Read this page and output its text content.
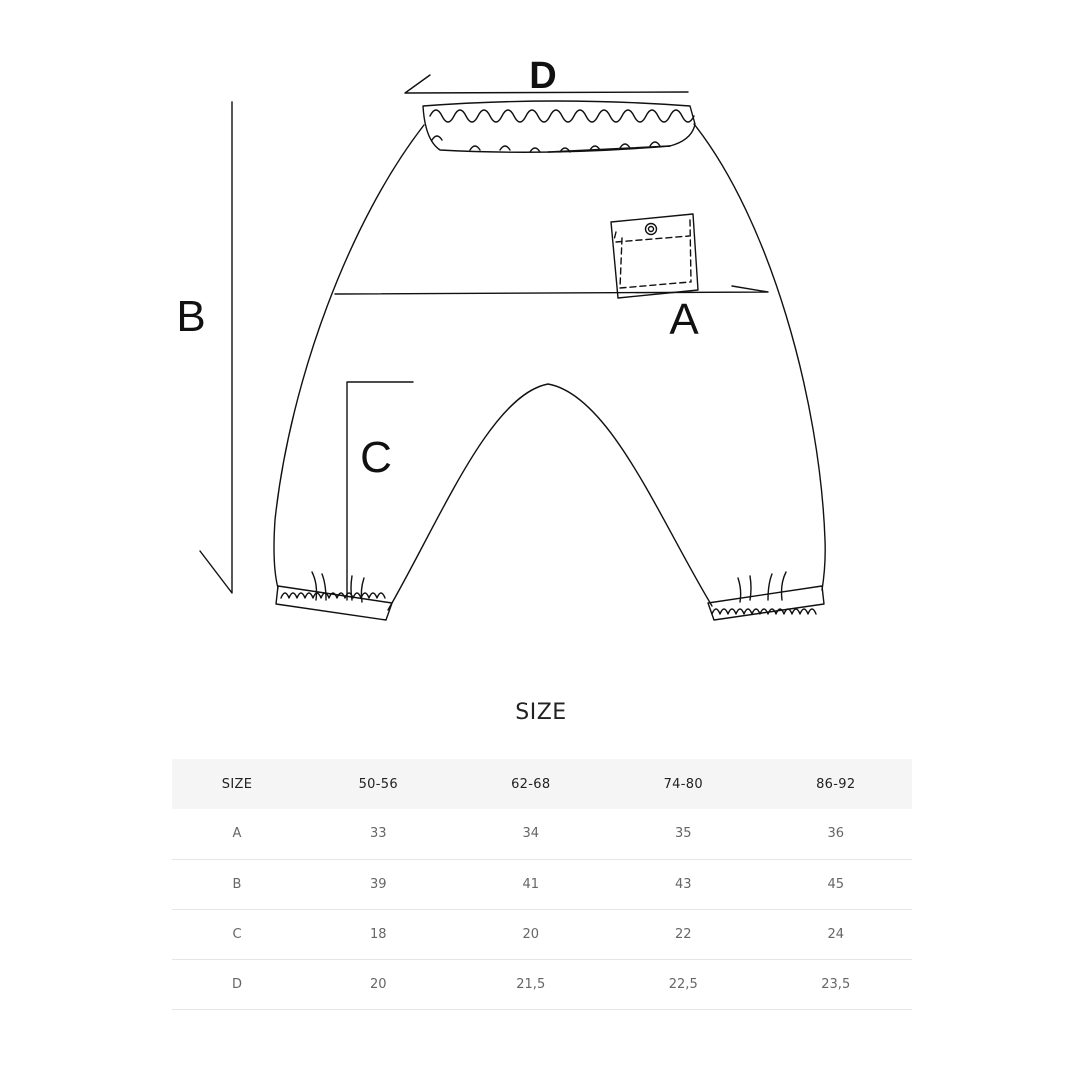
D
B	A
C
SIZE
SIZE	50-56	62-68	74-80	86-92
A	33	34	35	36
B	39	41	43	45
C	18	20	22	24
D	20	21,5	22,5	23,5
